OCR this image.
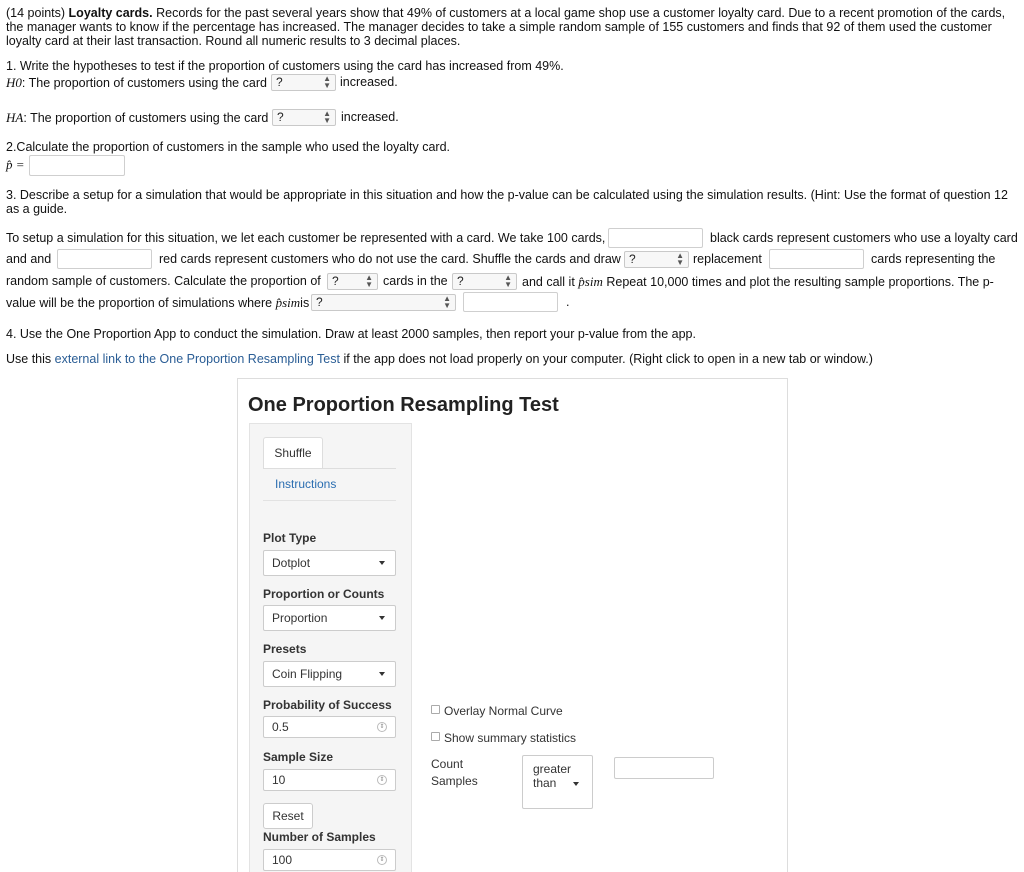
(14 points) Loyalty cards. Records for the past several years show that 49% of customers at a local game shop use a customer loyalty card. Due to a recent promotion of the cards,
the manager wants to know if the percentage has increased. The manager decides to take a simple random sample of 155 customers and finds that 92 of them used the customer
loyalty card at their last transaction. Round all numeric results to 3 decimal places.
1. Write the hypotheses to test if the proportion of customers using the card has increased from 49%.
H0: The proportion of customers using the card ?	▲
▼ increased.
HA: The proportion of customers using the card ?	▲
▼ increased.
2.Calculate the proportion of customers in the sample who used the loyalty card.
p̂ =
3. Describe a setup for a simulation that would be appropriate in this situation and how the p-value can be calculated using the simulation results. (Hint: Use the format of question 12
as a guide.
To setup a simulation for this situation, we let each customer be represented with a card. We take 100 cards,	black cards represent customers who use a loyalty card
and and	red cards represent customers who do not use the card. Shuffle the cards and draw ?	▲
▼ replacement	cards representing the
random sample of customers. Calculate the proportion of ?	▲
▼ cards in the ?	▲
▼ and call it p̂sim Repeat 10,000 times and plot the resulting sample proportions. The p-
value will be the proportion of simulations where p̂simis ?	▲
▼	.
4. Use the One Proportion App to conduct the simulation. Draw at least 2000 samples, then report your p-value from the app.
Use this external link to the One Proportion Resampling Test if the app does not load properly on your computer. (Right click to open in a new tab or window.)
One Proportion Resampling Test
Shuffle
Instructions
Plot Type
Dotplot
Proportion or Counts
Proportion
Presets
Coin Flipping
Probability of Success
0.5	⇕
Sample Size
10	⇕
Reset
Number of Samples
100	⇕
Overlay Normal Curve
Show summary statistics
Count
Samples
greater
than
